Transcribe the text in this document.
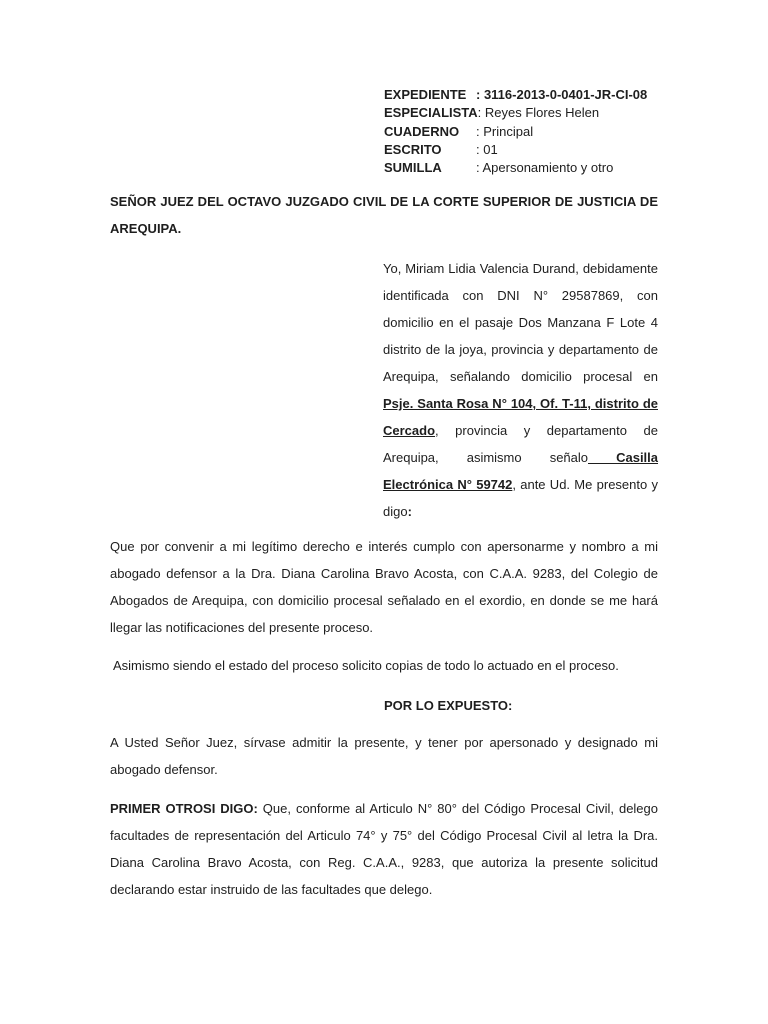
EXPEDIENTE : 3116-2013-0-0401-JR-CI-08
ESPECIALISTA : Reyes Flores Helen
CUADERNO	: Principal
ESCRITO	: 01
SUMILLA	: Apersonamiento y otro

SEÑOR JUEZ DEL OCTAVO JUZGADO CIVIL DE LA CORTE SUPERIOR DE JUSTICIA DE AREQUIPA.

Yo, Miriam Lidia Valencia Durand, debidamente identificada con DNI N° 29587869, con domicilio en el pasaje Dos Manzana F Lote 4 distrito de la joya, provincia y departamento de Arequipa, señalando domicilio procesal en Psje. Santa Rosa N° 104, Of. T-11, distrito de Cercado, provincia y departamento de Arequipa, asimismo señalo Casilla Electrónica N° 59742, ante Ud. Me presento y digo:

Que por convenir a mi legítimo derecho e interés cumplo con apersonarme y nombro a mi abogado defensor a la Dra. Diana Carolina Bravo Acosta, con C.A.A. 9283, del Colegio de Abogados de Arequipa, con domicilio procesal señalado en el exordio, en donde se me hará llegar las notificaciones del presente proceso.

Asimismo siendo el estado del proceso solicito copias de todo lo actuado en el proceso.

POR LO EXPUESTO:

A Usted Señor Juez, sírvase admitir la presente, y tener por apersonado y designado mi abogado defensor.

PRIMER OTROSI DIGO: Que, conforme al Articulo N° 80° del Código Procesal Civil, delego facultades de representación del Articulo 74° y 75° del Código Procesal Civil al letra la Dra. Diana Carolina Bravo Acosta, con Reg. C.A.A., 9283, que autoriza la presente solicitud declarando estar instruido de las facultades que delego.
